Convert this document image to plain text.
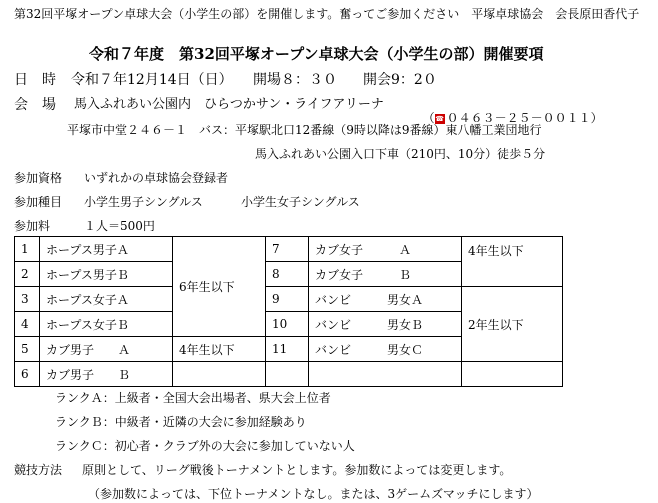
第32回平塚オープン卓球大会（小学生の部）を開催します。奮ってご参加ください　平塚卓球協会　会長原田香代子
令和７年度　第32回平塚オープン卓球大会（小学生の部）開催要項
日　時 令和７年12月14日（日） 開場８：３０ 開会9：2０
会　場 馬入ふれあい公園内　ひらつかサン・ライフアリーナ

（☎ ０４６３－２５－００１１）

平塚市中堂２４６－１　バス：平塚駅北口12番線（9時以降は9番線）東八幡工業団地行
馬入ふれあい公園入口下車（210円、10分）徒歩５分
参加資格 いずれかの卓球協会登録者
参加種目 小学生男子シングルス	小学生女子シングルス
参加料	１人＝500円
1	ホープス男子Ａ	6年生以下	7	カブ女子　　　Ａ	4年生以下
2	ホープス男子Ｂ		8	カブ女子　　　Ｂ	
3	ホープス女子Ａ		9	バンビ　　　男女Ａ	2年生以下
4	ホープス女子Ｂ		10	バンビ　　　男女Ｂ	
5	カブ男子　　Ａ	4年生以下	11	バンビ　　　男女Ｃ	
6	カブ男子　　Ｂ				
ランクＡ：上級者・全国大会出場者、県大会上位者
ランクＢ：中級者・近隣の大会に参加経験あり
ランクＣ：初心者・クラブ外の大会に参加していない人
競技方法 原則として、リーグ戦後トーナメントとします。参加数によっては変更します。
（参加数によっては、下位トーナメントなし。または、3ゲームズマッチにします）
